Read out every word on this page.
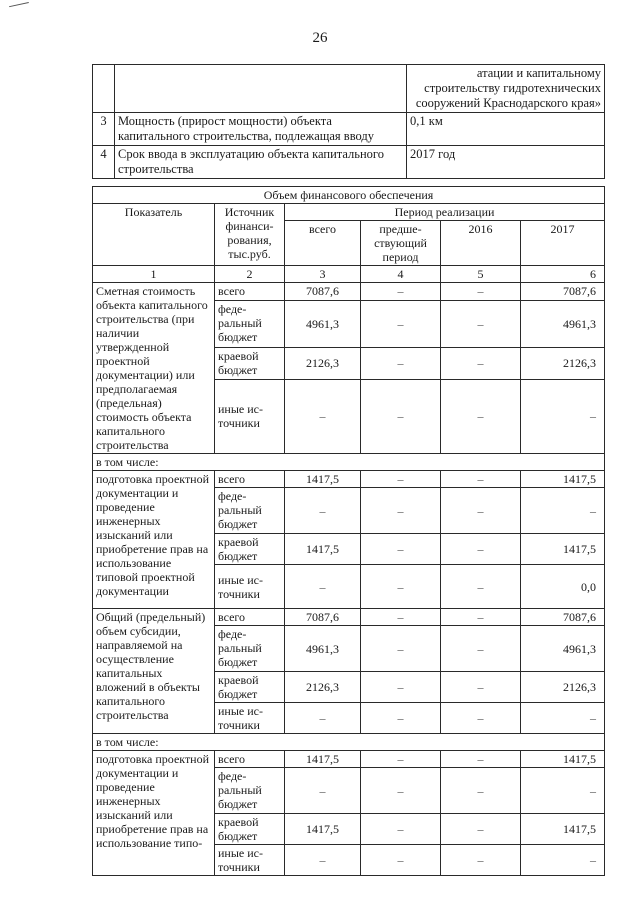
26
		атации и капитальному строительству гидротехнических сооружений Краснодарского края»
3	Мощность (прирост мощности) объекта капитального строительства, подлежащая вводу	0,1 км
4	Срок ввода в эксплуатацию объекта капитального строительства	2017 год
Объем финансового обеспечения					
Показатель	Источник финанси-рования, тыс.руб.	Период реализации			
		всего	предше-ствующий период	2016	2017
1	2	3	4	5	6
Сметная стоимость объекта капитального строительства (при наличии утвержденной проектной документации) или предполагаемая (предельная) стоимость объекта капитального строительства	всего	7087,6	–	–	7087,6
	феде-ральный бюджет	4961,3	–	–	4961,3
	краевой бюджет	2126,3	–	–	2126,3
	иные ис-точники	–	–	–	–
в том числе:					
подготовка проектной документации и проведение инженерных изысканий или приобретение прав на использование типовой проектной документации	всего	1417,5	–	–	1417,5
	феде-ральный бюджет	–	–	–	–
	краевой бюджет	1417,5	–	–	1417,5
	иные ис-точники	–	–	–	0,0
Общий (предельный) объем субсидии, направляемой на осуществление капитальных вложений в объекты капитального строительства	всего	7087,6	–	–	7087,6
	феде-ральный бюджет	4961,3	–	–	4961,3
	краевой бюджет	2126,3	–	–	2126,3
	иные ис-точники	–	–	–	–
в том числе:					
подготовка проектной документации и проведение инженерных изысканий или приобретение прав на использование типо-	всего	1417,5	–	–	1417,5
	феде-ральный бюджет	–	–	–	–
	краевой бюджет	1417,5	–	–	1417,5
	иные ис-точники	–	–	–	–
